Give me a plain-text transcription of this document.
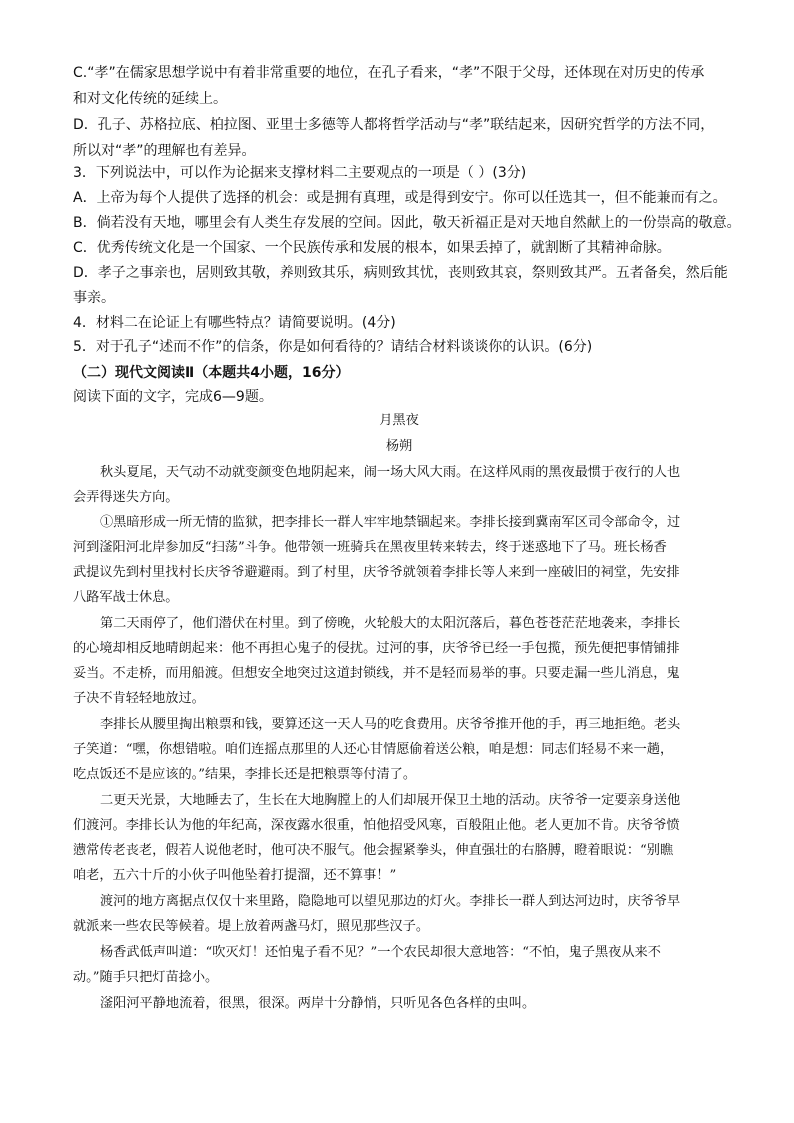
C.“孝”在儒家思想学说中有着非常重要的地位，在孔子看来，“孝”不限于父母，还体现在对历史的传承
和对文化传统的延续上。
D．孔子、苏格拉底、柏拉图、亚里士多德等人都将哲学活动与“孝”联结起来，因研究哲学的方法不同，
所以对“孝”的理解也有差异。
3．下列说法中，可以作为论据来支撑材料二主要观点的一项是（ ）(3分)
A．上帝为每个人提供了选择的机会：或是拥有真理，或是得到安宁。你可以任选其一，但不能兼而有之。
B．倘若没有天地，哪里会有人类生存发展的空间。因此，敬天祈福正是对天地自然献上的一份崇高的敬意。
C．优秀传统文化是一个国家、一个民族传承和发展的根本，如果丢掉了，就割断了其精神命脉。
D．孝子之事亲也，居则致其敬，养则致其乐，病则致其忧，丧则致其哀，祭则致其严。五者备矣，然后能
事亲。
4．材料二在论证上有哪些特点？请简要说明。(4分)
5．对于孔子“述而不作”的信条，你是如何看待的？请结合材料谈谈你的认识。(6分)
（二）现代文阅读Ⅱ（本题共4小题，16分）
阅读下面的文字，完成6—9题。
月黑夜
杨朔
秋头夏尾，天气动不动就变颜变色地阴起来，闹一场大风大雨。在这样风雨的黑夜最惯于夜行的人也
会弄得迷失方向。
①黑暗形成一所无情的监狱，把李排长一群人牢牢地禁锢起来。李排长接到冀南军区司令部命令，过
河到滏阳河北岸参加反“扫荡”斗争。他带领一班骑兵在黑夜里转来转去，终于迷惑地下了马。班长杨香
武提议先到村里找村长庆爷爷避避雨。到了村里，庆爷爷就领着李排长等人来到一座破旧的祠堂，先安排
八路军战士休息。
第二天雨停了，他们潜伏在村里。到了傍晚，火轮般大的太阳沉落后，暮色苍苍茫茫地袭来，李排长
的心境却相反地晴朗起来：他不再担心鬼子的侵扰。过河的事，庆爷爷已经一手包揽，预先便把事情铺排
妥当。不走桥，而用船渡。但想安全地突过这道封锁线，并不是轻而易举的事。只要走漏一些儿消息，鬼
子决不肯轻轻地放过。
李排长从腰里掏出粮票和钱，要算还这一天人马的吃食费用。庆爷爷推开他的手，再三地拒绝。老头
子笑道：“嘿，你想错啦。咱们连摇点那里的人还心甘情愿偷着送公粮，咱是想：同志们轻易不来一趟，
吃点饭还不是应该的。”结果，李排长还是把粮票等付清了。
二更天光景，大地睡去了，生长在大地胸膛上的人们却展开保卫土地的活动。庆爷爷一定要亲身送他
们渡河。李排长认为他的年纪高，深夜露水很重，怕他招受风寒，百般阻止他。老人更加不肯。庆爷爷愤
懑常传老丧老，假若人说他老时，他可决不服气。他会握紧拳头，伸直强壮的右胳膊，瞪着眼说：“别瞧
咱老，五六十斤的小伙子叫他坠着打提溜，还不算事！”
渡河的地方离据点仅仅十来里路，隐隐地可以望见那边的灯火。李排长一群人到达河边时，庆爷爷早
就派来一些农民等候着。堤上放着两盏马灯，照见那些汉子。
杨香武低声叫道：“吹灭灯！还怕鬼子看不见？”一个农民却很大意地答：“不怕，鬼子黑夜从来不
动。”随手只把灯苗捻小。
滏阳河平静地流着，很黑，很深。两岸十分静悄，只听见各色各样的虫叫。
